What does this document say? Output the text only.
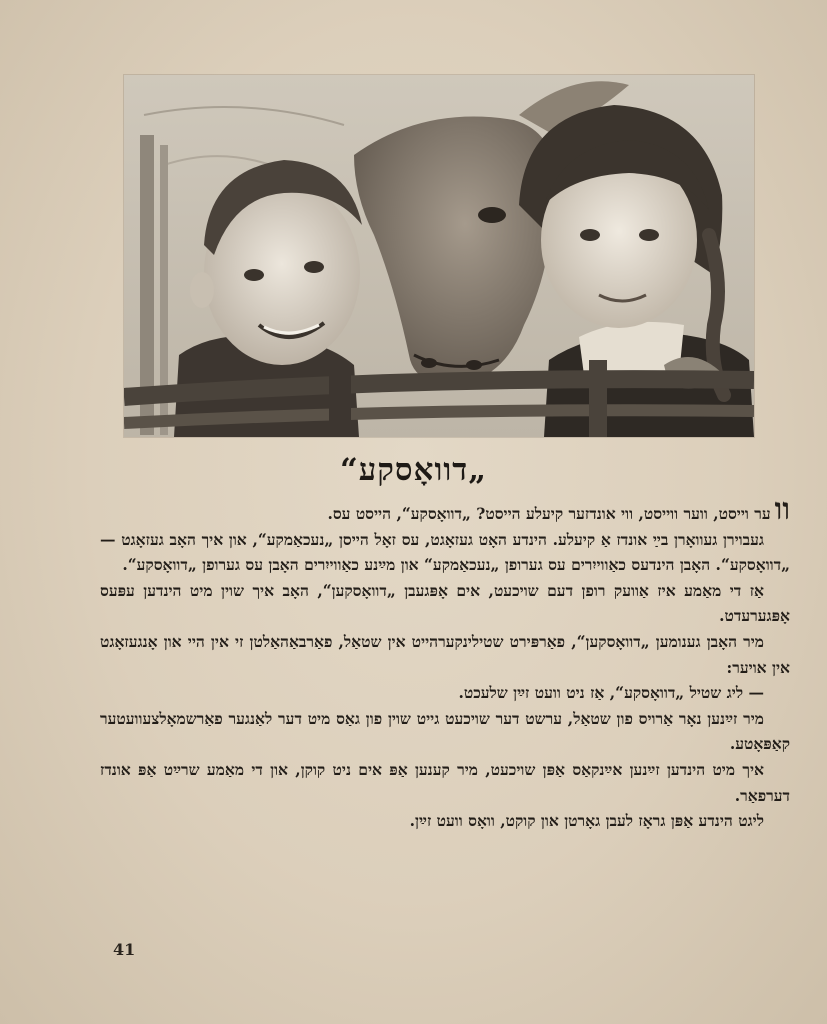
„דוואָסקע“

ווער וייסט, ווער ווייסט, ווי אונדזער קיעלע הייסט? „דוואָסקע“, הייסט עס.

געבוירן געוואָרן בײַ אונדז אַ קיעלע. הינדע האָט געזאָגט, עס זאָל הייסן „נעכאַמקע“, און איך האָב געזאָגט — „דוואָסקע“. האָבן הינדעס כאַווייִרים עס גערופן „נעכאַמקע“ און מײַנע כאַווייִרים האָבן עס גערופן „דוואָסקע“.

אַז די מאַמע איז אַוועק רופן דעם שויכעט, אים אָפּגעבן „דוואָסקען“, האָב איך שוין מיט הינדען עפּעס אָפּגערעדט.

מיר האָבן גענומען „דוואָסקען“, פאַרפּירט שטילינקערהייט אין שטאַל, פאַרבאַהאַלטן זי אין היי און אָנגעזאָגט אין אויער:

— ליג שטיל „דוואָסקע“, אַז ניט וועט זײַן שלעכט.

מיר זײַנען נאָר אַרויס פון שטאַל, ערשט דער שויכעט גייט שוין פון גאַס מיט דער לאַנגער פאַרשמאָלצעוועטער קאַפּאָטע.

איך מיט הינדען זײַנען אײַנקאַס אַפּן שויכעט, מיר קענען אַפּ אים ניט קוקן, און די מאַמע שרײַט אַפּ אונדז דערפאַר.

ליגט הינדע אַפּן גראָז לעבן גאָרטן און קוקט, וואָס וועט זײַן.

41
